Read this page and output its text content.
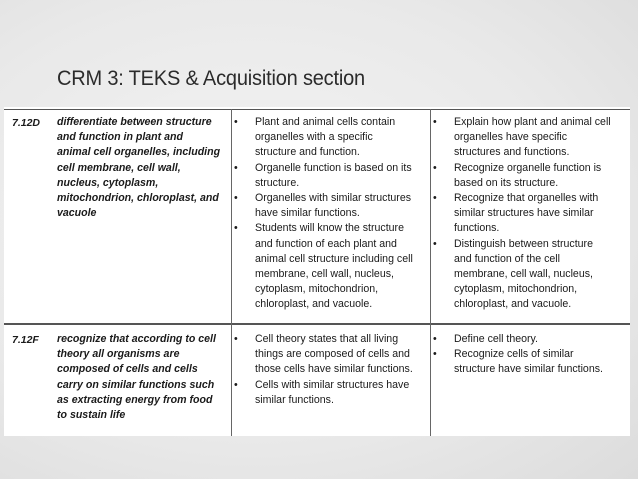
CRM 3: TEKS & Acquisition section
7.12D differentiate between structure
and function in plant and
animal cell organelles, including
cell membrane, cell wall,
nucleus, cytoplasm,
mitochondrion, chloroplast, and
vacuole
• Plant and animal cells contain
organelles with a specific
structure and function.
• Organelle function is based on its
structure.
• Organelles with similar structures
have similar functions.
• Students will know the structure
and function of each plant and
animal cell structure including cell
membrane, cell wall, nucleus,
cytoplasm, mitochondrion,
chloroplast, and vacuole.
• Explain how plant and animal cell
organelles have specific
structures and functions.
• Recognize organelle function is
based on its structure.
• Recognize that organelles with
similar structures have similar
functions.
• Distinguish between structure
and function of the cell
membrane, cell wall, nucleus,
cytoplasm, mitochondrion,
chloroplast, and vacuole.
7.12F recognize that according to cell
theory all organisms are
composed of cells and cells
carry on similar functions such
as extracting energy from food
to sustain life
• Cell theory states that all living
things are composed of cells and
those cells have similar functions.
• Cells with similar structures have
similar functions.
• Define cell theory.
• Recognize cells of similar
structure have similar functions.
